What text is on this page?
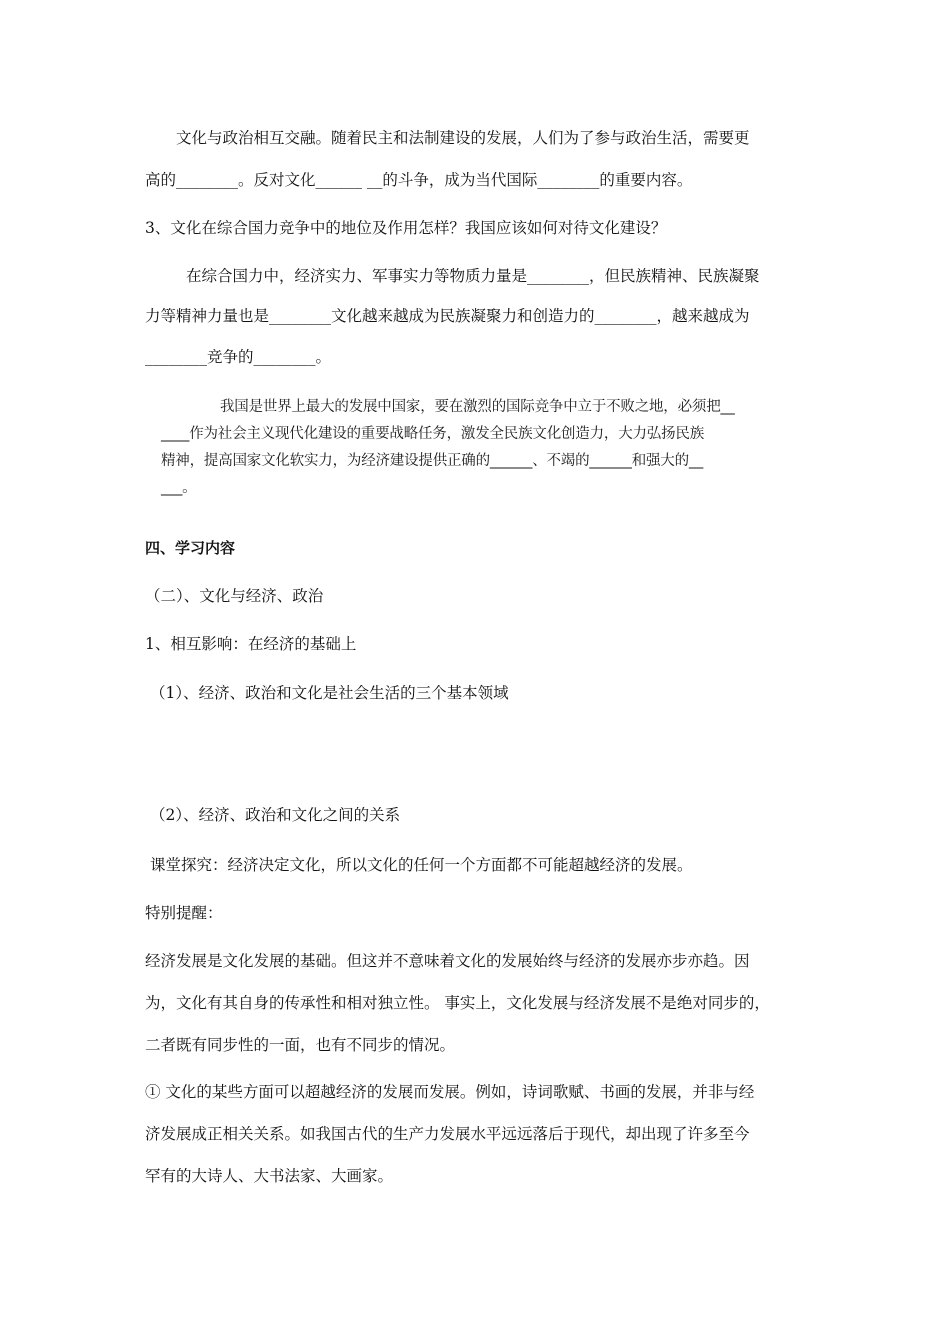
文化与政治相互交融。随着民主和法制建设的发展，人们为了参与政治生活，需要更
高的________。反对文化______ __的斗争，成为当代国际________的重要内容。
3、文化在综合国力竞争中的地位及作用怎样？我国应该如何对待文化建设？
在综合国力中，经济实力、军事实力等物质力量是________，但民族精神、民族凝聚
力等精神力量也是________文化越来越成为民族凝聚力和创造力的________，越来越成为
________竞争的________。
我国是世界上最大的发展中国家，要在激烈的国际竞争中立于不败之地，必须把__
____作为社会主义现代化建设的重要战略任务，激发全民族文化创造力，大力弘扬民族
精神，提高国家文化软实力，为经济建设提供正确的______、不竭的______和强大的__
___。
四、学习内容
（二）、文化与经济、政治
1、相互影响：在经济的基础上
（1）、经济、政治和文化是社会生活的三个基本领域
（2）、经济、政治和文化之间的关系
课堂探究：经济决定文化，所以文化的任何一个方面都不可能超越经济的发展。
特别提醒：
经济发展是文化发展的基础。但这并不意味着文化的发展始终与经济的发展亦步亦趋。因
为，文化有其自身的传承性和相对独立性。 事实上，文化发展与经济发展不是绝对同步的，
二者既有同步性的一面，也有不同步的情况。
① 文化的某些方面可以超越经济的发展而发展。例如，诗词歌赋、书画的发展，并非与经
济发展成正相关关系。如我国古代的生产力发展水平远远落后于现代，却出现了许多至今
罕有的大诗人、大书法家、大画家。
